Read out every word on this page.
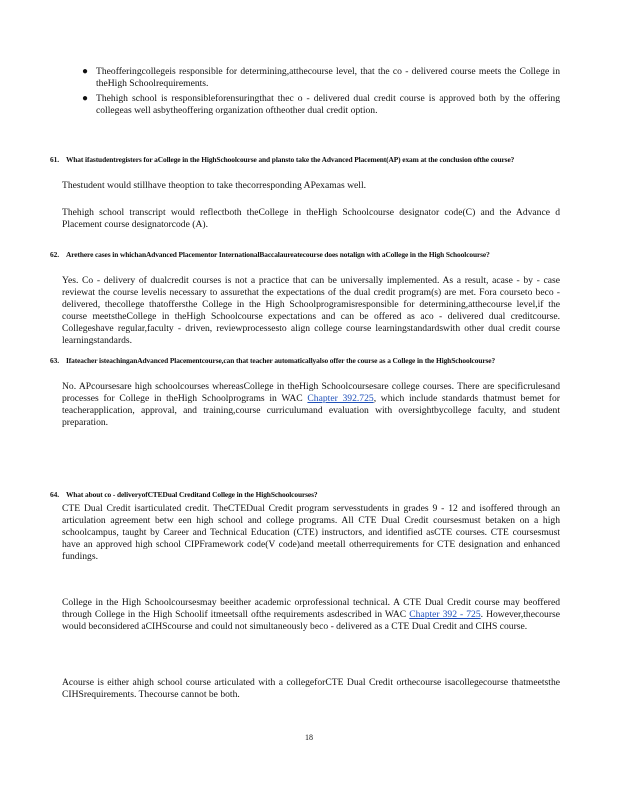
● Theofferingcollegeis responsible for determining,atthecourse level, that the co - delivered course meets the College in theHigh Schoolrequirements.
● Thehigh school is responsibleforensuringthat thec o - delivered dual credit course is approved both by the offering collegeas well asbytheoffering organization oftheother dual credit option.
61. What ifastudentregisters for aCollege in the HighSchoolcourse and plansto take the Advanced Placement(AP) exam at the conclusion ofthe course?
Thestudent would stillhave theoption to take thecorresponding APexamas well.
Thehigh school transcript would reflectboth theCollege in theHigh Schoolcourse designator code(C) and the Advance d Placement course designatorcode (A).
62. Arethere cases in whichanAdvanced Placementor InternationalBaccalaureatecourse does notalign with aCollege in the High Schoolcourse?
Yes. Co - delivery of dualcredit courses is not a practice that can be universally implemented. As a result, acase - by - case reviewat the course levelis necessary to assurethat the expectations of the dual credit program(s) are met. Fora courseto beco - delivered, thecollege thatoffersthe College in the High Schoolprogramisresponsible for determining,atthecourse level,if the course meetstheCollege in theHigh Schoolcourse expectations and can be offered as aco - delivered dual creditcourse. Collegeshave regular,faculty - driven, reviewprocessesto align college course learningstandardswith other dual credit course learningstandards.
63. Ifateacher isteachinganAdvanced Placementcourse,can that teacher automaticallyalso offer the course as a College in the HighSchoolcourse?
No. APcoursesare high schoolcourses whereasCollege in theHigh Schoolcoursesare college courses. There are specificrulesand processes for College in theHigh Schoolprograms in WAC Chapter 392.725, which include standards thatmust bemet for teacherapplication, approval, and training,course curriculumand evaluation with oversightbycollege faculty, and student preparation.
64. What about co - deliveryofCTEDual Creditand College in the HighSchoolcourses?
CTE Dual Credit isarticulated credit. TheCTEDual Credit program servesstudents in grades 9 - 12 and isoffered through an articulation agreement betw een high school and college programs. All CTE Dual Credit coursesmust betaken on a high schoolcampus, taught by Career and Technical Education (CTE) instructors, and identified asCTE courses. CTE coursesmust have an approved high school CIPFramework code(V code)and meetall otherrequirements for CTE designation and enhanced fundings.
College in the High Schoolcoursesmay beeither academic orprofessional technical. A CTE Dual Credit course may beoffered through College in the High Schoolif itmeetsall ofthe requirements asdescribed in WAC Chapter 392 - 725. However,thecourse would beconsidered aCIHScourse and could not simultaneously beco - delivered as a CTE Dual Credit and CIHS course.
Acourse is either ahigh school course articulated with a collegeforCTE Dual Credit orthecourse isacollegecourse thatmeetsthe CIHSrequirements. Thecourse cannot be both.
18
